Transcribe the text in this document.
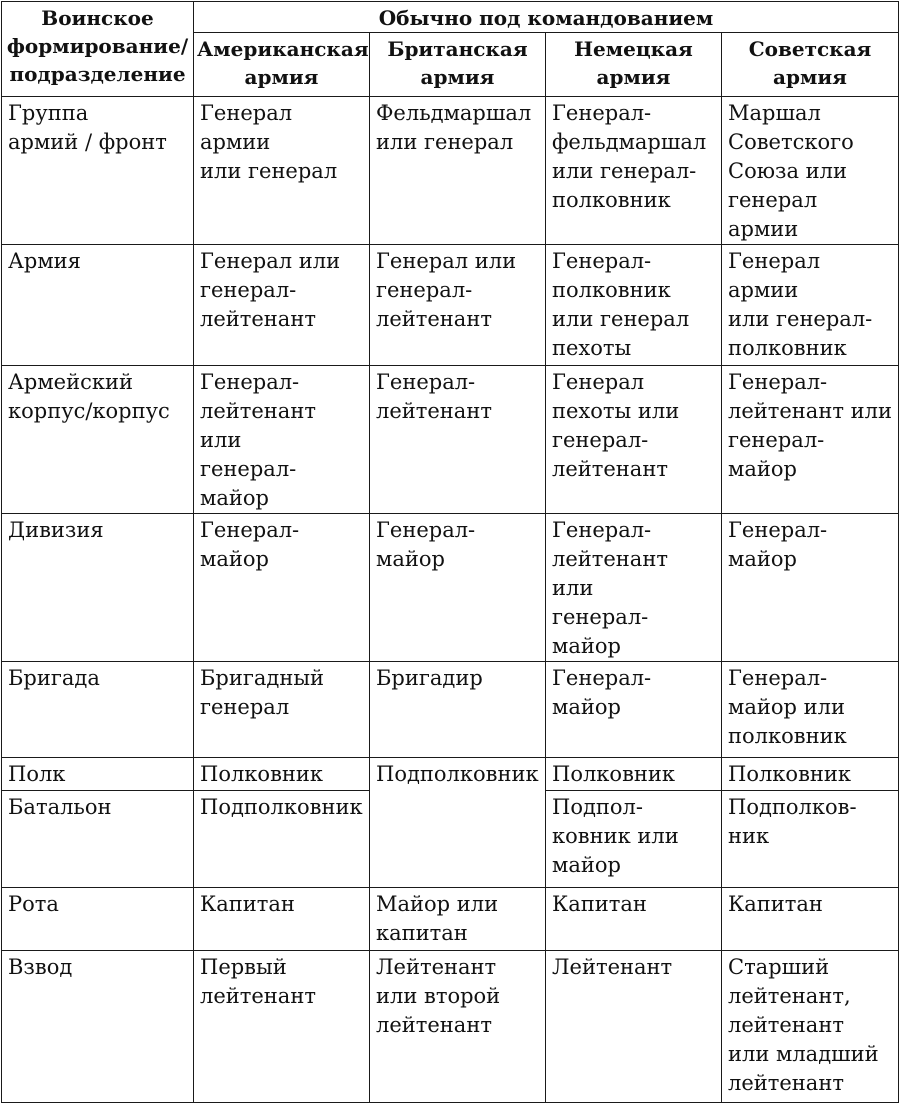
Воинское
формирование/
подразделение	Обычно под командованием			

	Американская
армия	Британская
армия	Немецкая
армия	Советская
армия

Группа
армий / фронт	Генерал армии
или генерал	Фельдмаршал
или генерал	Генерал-
фельдмаршал
или генерал-
полковник	Маршал
Советского
Союза или
генерал армии

Армия	Генерал или
генерал-
лейтенант	Генерал или
генерал-
лейтенант	Генерал-
полковник
или генерал
пехоты	Генерал армии
или генерал-
полковник

Армейский
корпус/корпус	Генерал-
лейтенант или
генерал-майор	Генерал-
лейтенант	Генерал
пехоты или
генерал-
лейтенант	Генерал-
лейтенант или
генерал-майор

Дивизия	Генерал-
майор	Генерал-
майор	Генерал-
лейтенант или
генерал-майор	Генерал-
майор

Бригада	Бригадный
генерал	Бригадир	Генерал-
майор	Генерал-
майор или
полковник

Полк	Полковник	Подполковник	Полковник	Полковник

Батальон	Подполковник		Подпол-
ковник или
майор	Подполков-
ник

Рота	Капитан	Майор или
капитан	Капитан	Капитан

Взвод	Первый
лейтенант	Лейтенант
или второй
лейтенант	Лейтенант	Старший
лейтенант,
лейтенант
или младший
лейтенант
